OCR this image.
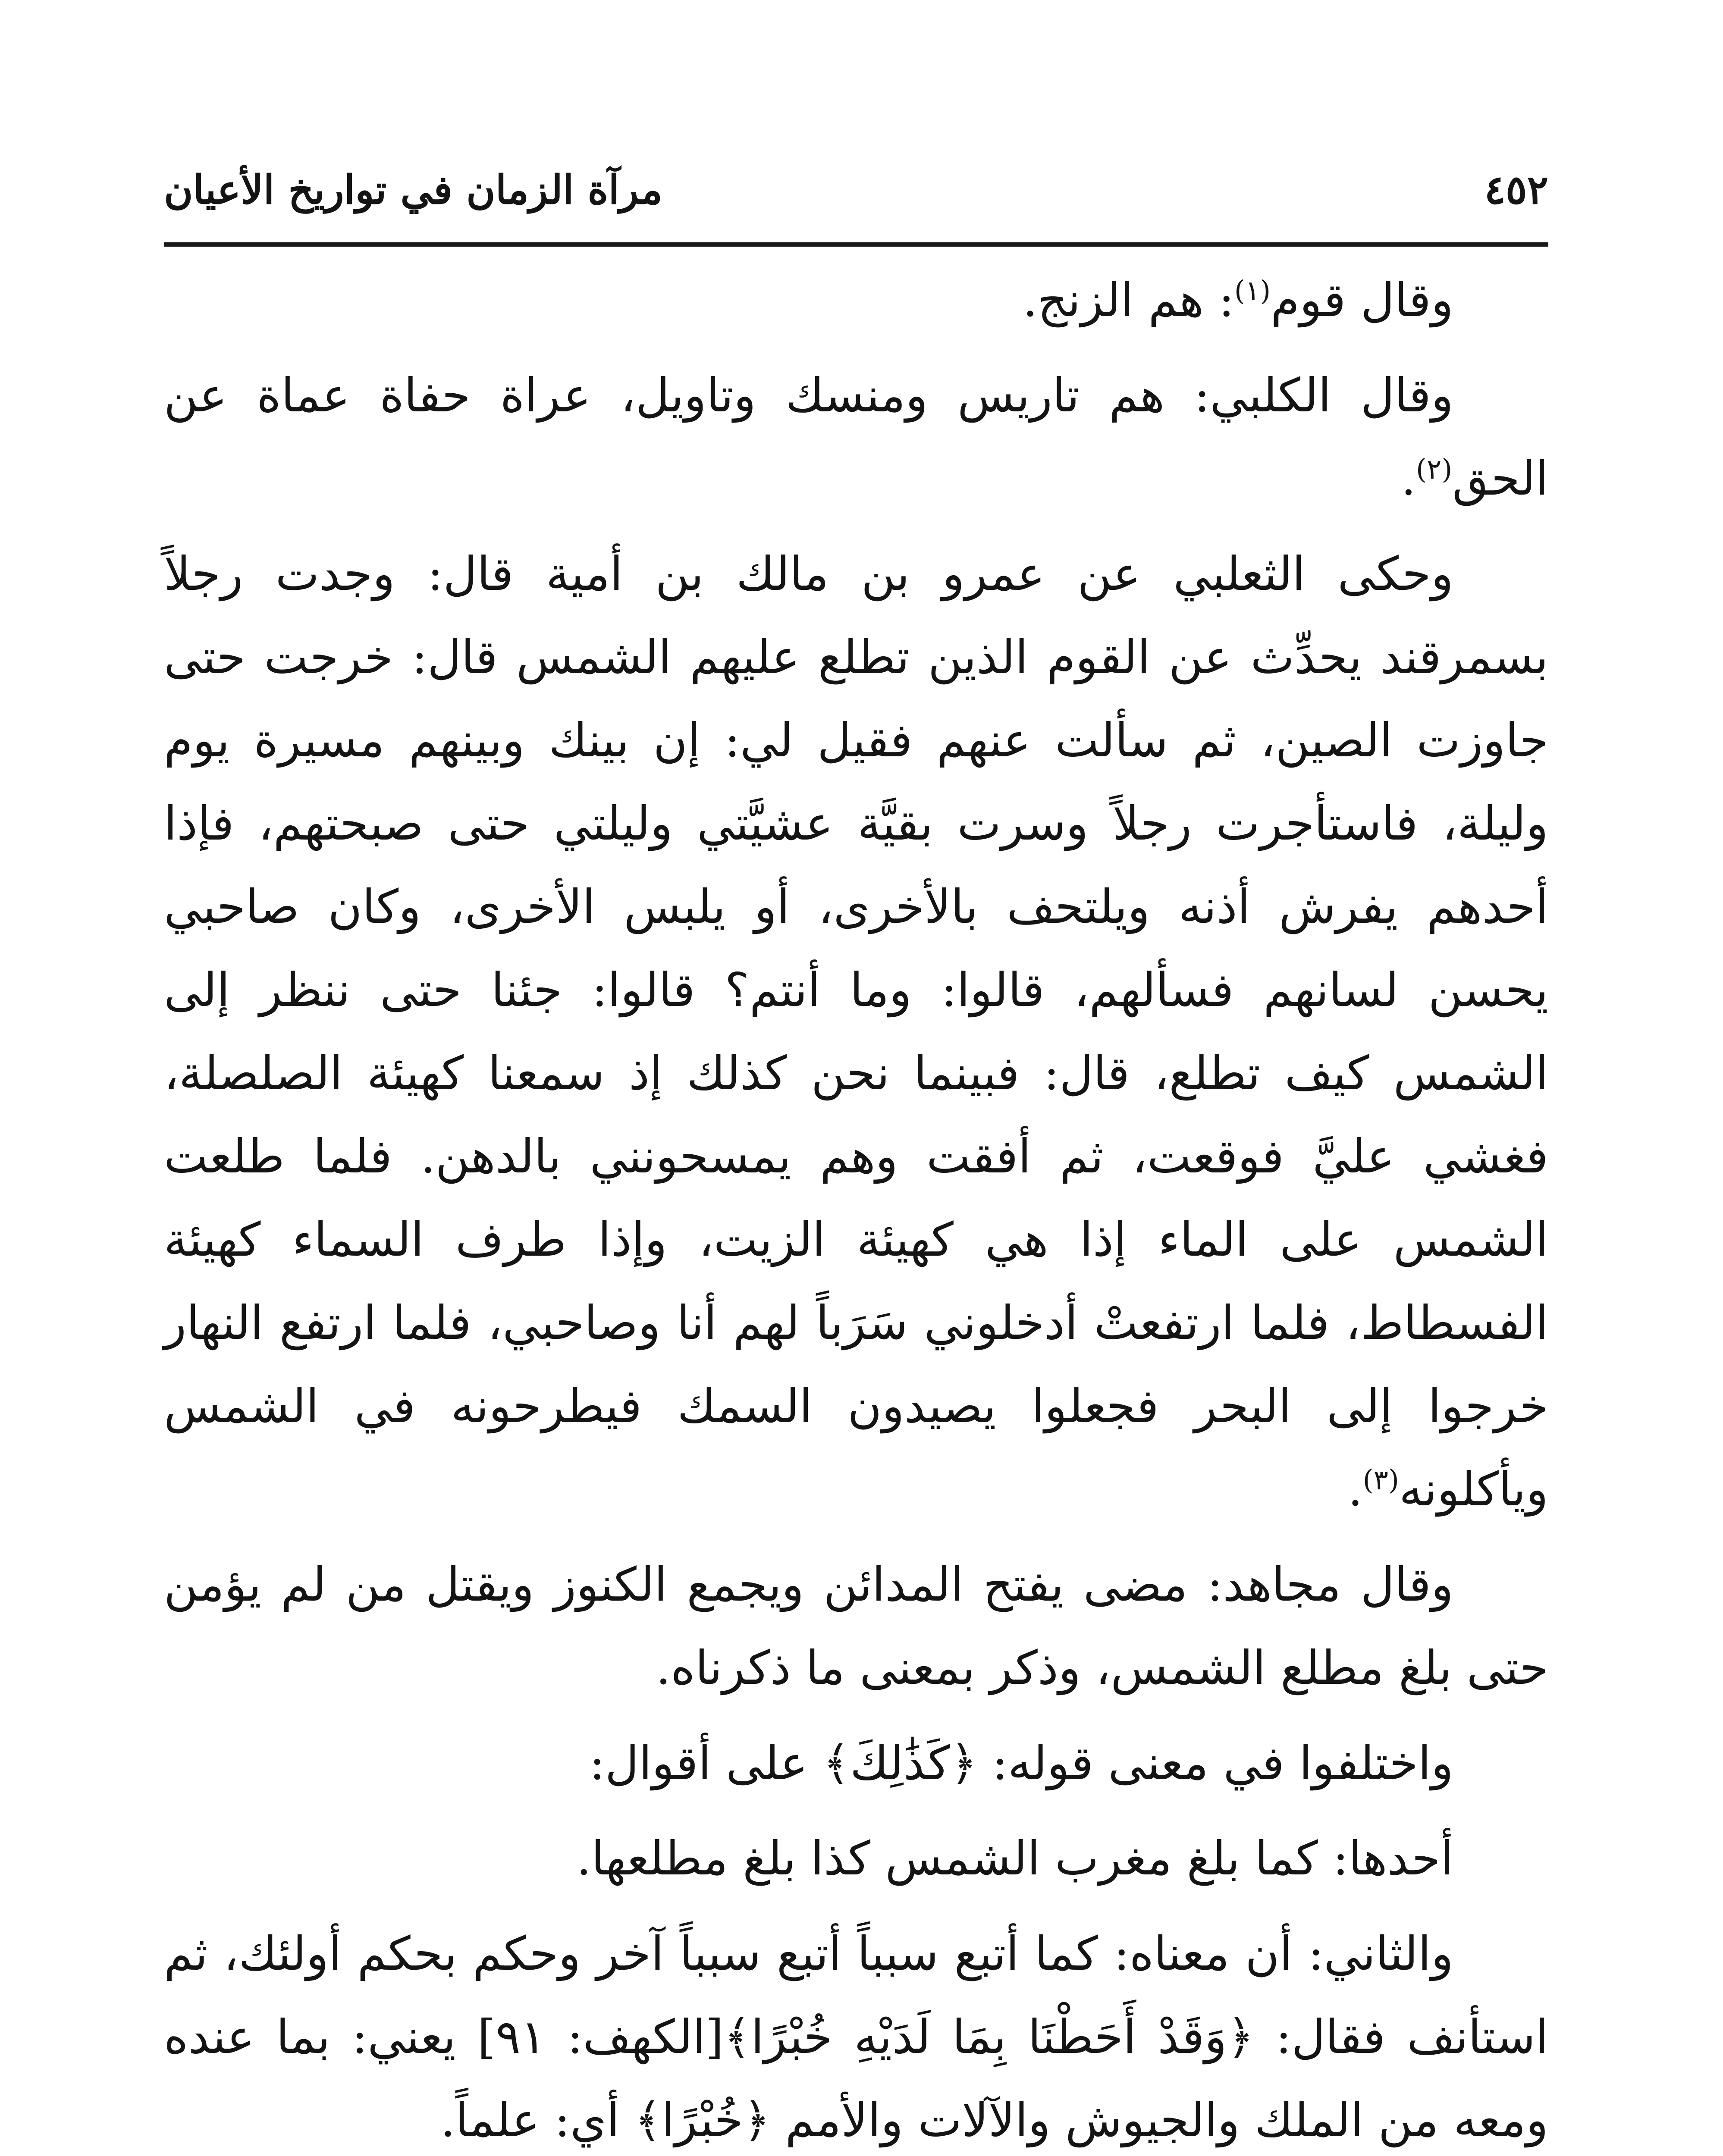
٤٥٢
مرآة الزمان في تواريخ الأعيان

وقال قوم$^{(١)}$: هم الزنج.

وقال الكلبي: هم تاريس ومنسك وتاويل، عراة حفاة عماة عن الحق$^{(٢)}$.

وحكى الثعلبي عن عمرو بن مالك بن أمية قال: وجدت رجلاً بسمرقند يحدِّث عن القوم الذين تطلع عليهم الشمس قال: خرجت حتى جاوزت الصين، ثم سألت عنهم فقيل لي: إن بينك وبينهم مسيرة يوم وليلة، فاستأجرت رجلاً وسرت بقيَّة عشيَّتي وليلتي حتى صبحتهم، فإذا أحدهم يفرش أذنه ويلتحف بالأخرى، أو يلبس الأخرى، وكان صاحبي يحسن لسانهم فسألهم، قالوا: وما أنتم؟ قالوا: جئنا حتى ننظر إلى الشمس كيف تطلع، قال: فبينما نحن كذلك إذ سمعنا كهيئة الصلصلة، فغشي عليَّ فوقعت، ثم أفقت وهم يمسحونني بالدهن. فلما طلعت الشمس على الماء إذا هي كهيئة الزيت، وإذا طرف السماء كهيئة الفسطاط، فلما ارتفعتْ أدخلوني سَرَباً لهم أنا وصاحبي، فلما ارتفع النهار خرجوا إلى البحر فجعلوا يصيدون السمك فيطرحونه في الشمس ويأكلونه$^{(٣)}$.

وقال مجاهد: مضى يفتح المدائن ويجمع الكنوز ويقتل من لم يؤمن حتى بلغ مطلع الشمس، وذكر بمعنى ما ذكرناه.

واختلفوا في معنى قوله: ﴿كَذَٰلِكَ﴾ على أقوال:

أحدها: كما بلغ مغرب الشمس كذا بلغ مطلعها.

والثاني: أن معناه: كما أتبع سبباً أتبع سبباً آخر وحكم بحكم أولئك، ثم استأنف فقال: ﴿وَقَدْ أَحَطْنَا بِمَا لَدَيْهِ خُبْرًا﴾[الكهف: ٩١] يعني: بما عنده ومعه من الملك والجيوش والآلات والأمم ﴿خُبْرًا﴾ أي: علماً.
